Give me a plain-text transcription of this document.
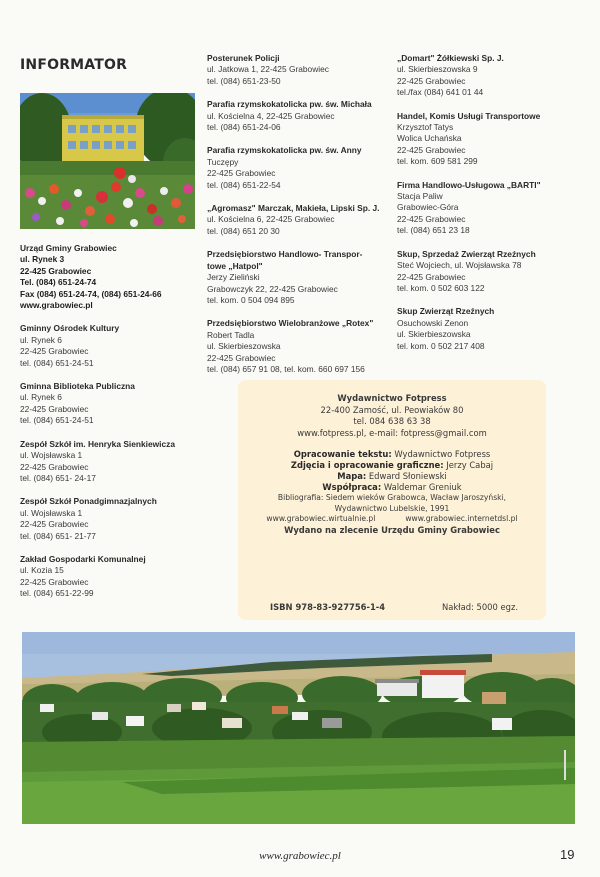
INFORMATOR
Urząd Gminy Grabowiec
ul. Rynek 3
22-425 Grabowiec
Tel. (084) 651-24-74
Fax (084) 651-24-74, (084) 651-24-66
www.grabowiec.pl
Gminny Ośrodek Kultury
ul. Rynek 6
22-425 Grabowiec
tel. (084) 651-24-51
Gminna Biblioteka Publiczna
ul. Rynek 6
22-425 Grabowiec
tel. (084) 651-24-51
Zespół Szkół im. Henryka Sienkiewicza
ul. Wojsławska 1
22-425 Grabowiec
tel. (084) 651- 24-17
Zespół Szkół Ponadgimnazjalnych
ul. Wojsławska 1
22-425 Grabowiec
tel. (084) 651- 21-77
Zakład Gospodarki Komunalnej
ul. Kozia 15
22-425 Grabowiec
tel. (084) 651-22-99
Posterunek Policji
ul. Jatkowa 1, 22-425 Grabowiec
tel. (084) 651-23-50
Parafia rzymskokatolicka pw. św. Michała
ul. Kościelna 4, 22-425 Grabowiec
tel. (084) 651-24-06
Parafia rzymskokatolicka pw. św. Anny
Tuczępy
22-425 Grabowiec
tel. (084) 651-22-54
„Agromasz" Marczak, Makieła, Lipski Sp. J.
ul. Kościelna 6, 22-425 Grabowiec
tel. (084) 651 20 30
Przedsiębiorstwo Handlowo- Transpor-
towe „Hatpol"
Jerzy Zieliński
Grabowczyk 22, 22-425 Grabowiec
tel. kom. 0 504 094 895
Przedsiębiorstwo Wielobranżowe „Rotex"
Robert Tadla
ul. Skierbieszowska
22-425 Grabowiec
tel. (084) 657 91 08, tel. kom. 660 697 156
„Domart" Żółkiewski Sp. J.
ul. Skierbieszowska 9
22-425 Grabowiec
tel./fax (084) 641 01 44
Handel, Komis Usługi Transportowe
Krzysztof Tatys
Wolica Uchańska
22-425 Grabowiec
tel. kom. 609 581 299
Firma Handlowo-Usługowa „BARTI"
Stacja Paliw
Grabowiec-Góra
22-425 Grabowiec
tel. (084) 651 23 18
Skup, Sprzedaż Zwierząt Rzeźnych
Steć Wojciech, ul. Wojsławska 78
22-425 Grabowiec
tel. kom. 0 502 603 122
Skup Zwierząt Rzeźnych
Osuchowski Zenon
ul. Skierbieszowska
tel. kom. 0 502 217 408
Wydawnictwo Fotpress
22-400 Zamość, ul. Peowiaków 80
tel. 084 638 63 38
www.fotpress.pl, e-mail: fotpress@gmail.com
Opracowanie tekstu: Wydawnictwo Fotpress
Zdjęcia i opracowanie graficzne: Jerzy Cabaj
Mapa: Edward Słoniewski
Współpraca: Waldemar Greniuk
Bibliografia: Siedem wieków Grabowca, Wacław Jaroszyński,
Wydawnictwo Lubelskie, 1991
www.grabowiec.wirtualnie.pl	www.grabowiec.internetdsl.pl
Wydano na zlecenie Urzędu Gminy Grabowiec
ISBN 978-83-927756-1-4	Nakład: 5000 egz.
www.grabowiec.pl	19
